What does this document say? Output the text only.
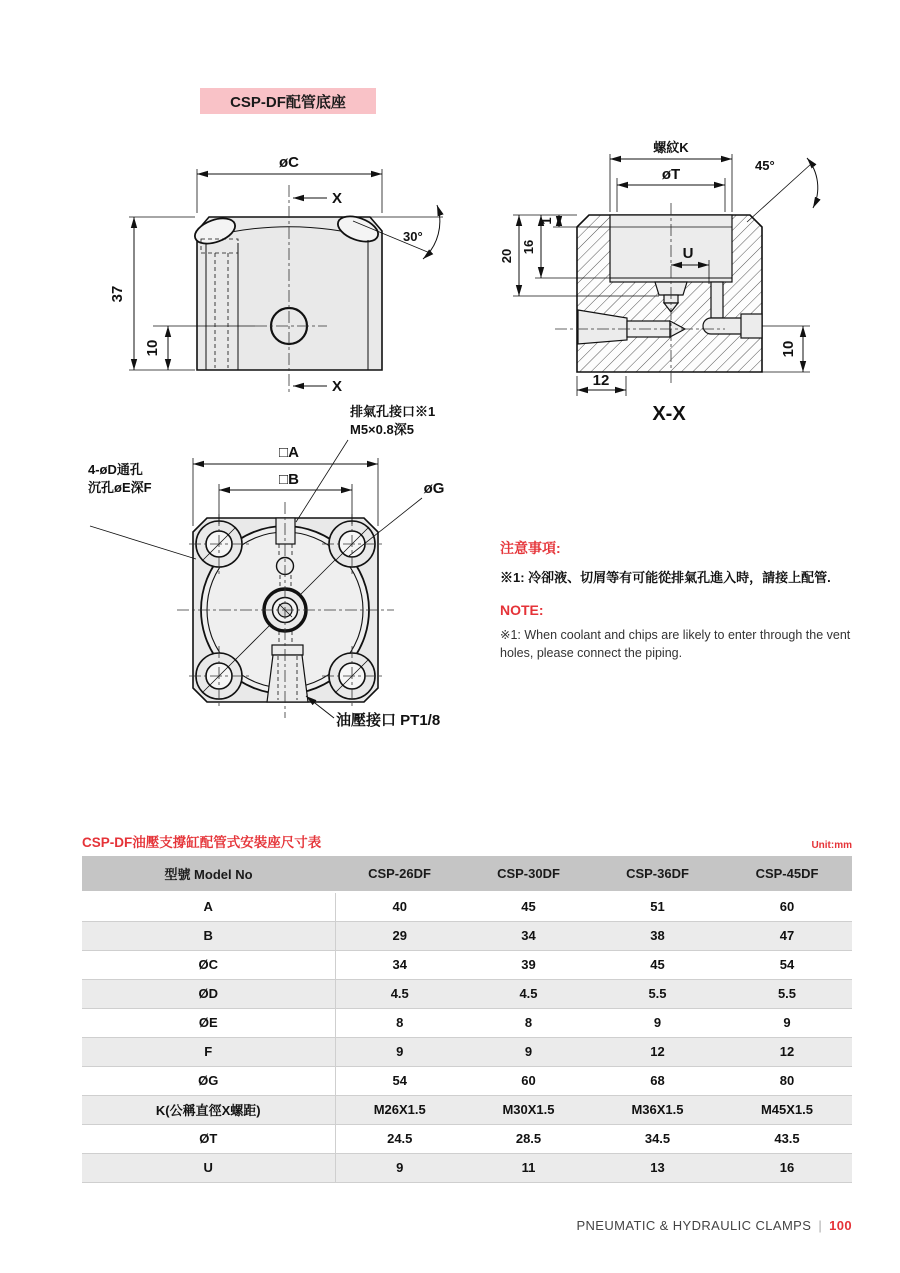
CSP-DF配管底座
øC
X
X
37
10
30°
螺紋K
45°
øT
U
1
16
20
12
10
X-X
□A
□B
øG
4-øD通孔
沉孔øE深F
排氣孔接口※1
M5×0.8深5
油壓接口 PT1/8
注意事項:
※1: 冷卻液、切屑等有可能從排氣孔進入時，請接上配管.
NOTE:
※1: When coolant and chips are likely to enter through the vent holes, please connect the piping.
CSP-DF油壓支撐缸配管式安裝座尺寸表	Unit:mm
型號 Model No	CSP-26DF	CSP-30DF	CSP-36DF	CSP-45DF
A	40	45	51	60
B	29	34	38	47
ØC	34	39	45	54
ØD	4.5	4.5	5.5	5.5
ØE	8	8	9	9
F	9	9	12	12
ØG	54	60	68	80
K(公稱直徑X螺距)	M26X1.5	M30X1.5	M36X1.5	M45X1.5
ØT	24.5	28.5	34.5	43.5
U	9	11	13	16
PNEUMATIC & HYDRAULIC CLAMPS | 100
